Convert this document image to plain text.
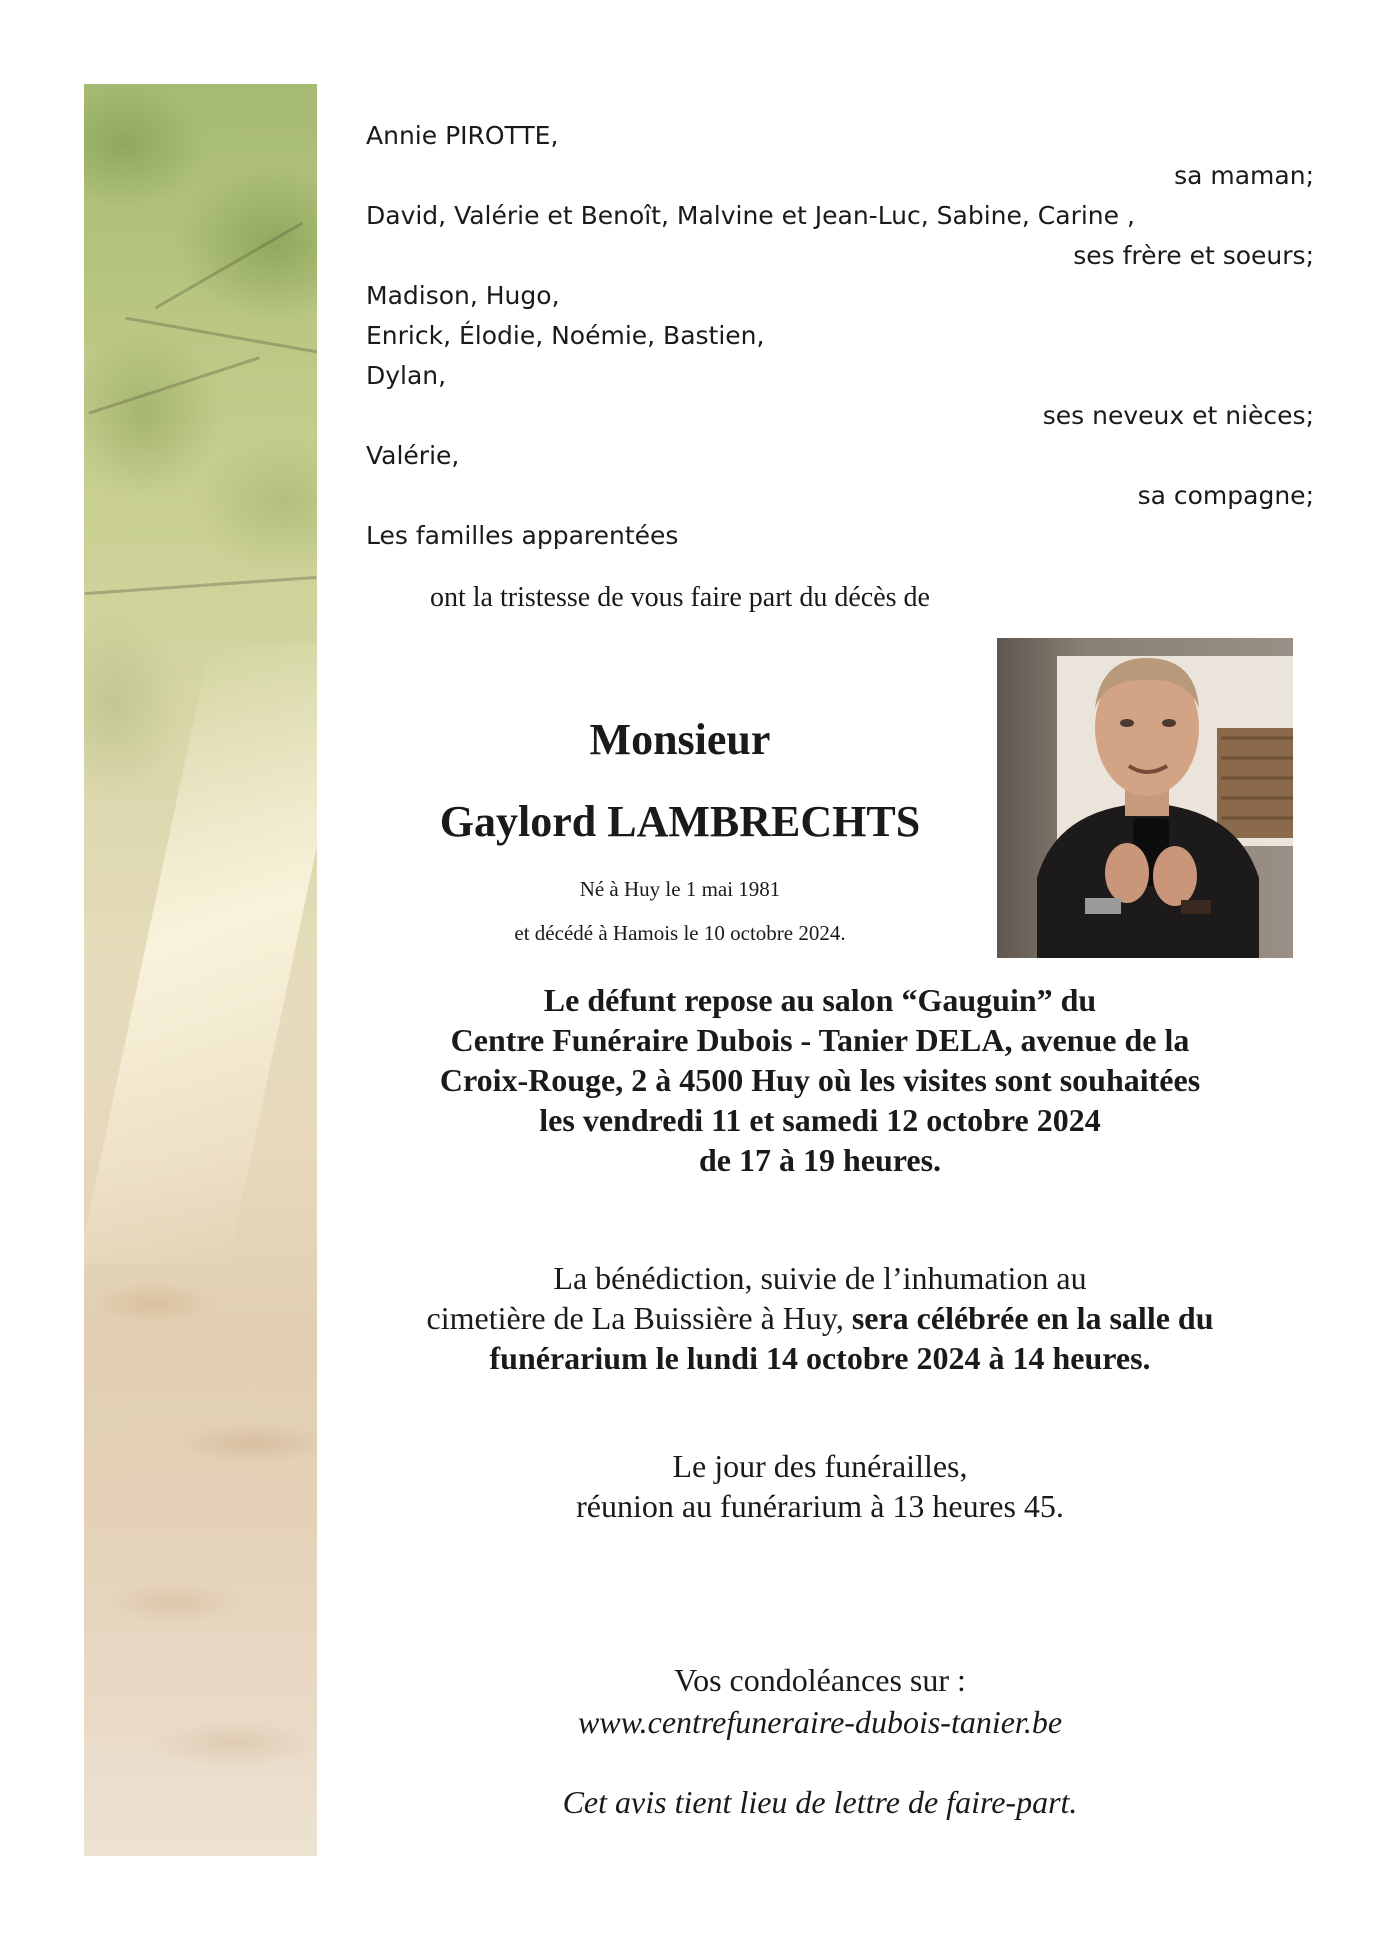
Annie PIROTTE,
sa maman;
David, Valérie et Benoît, Malvine et Jean-Luc, Sabine, Carine ,
ses frère et soeurs;
Madison, Hugo,
Enrick, Élodie, Noémie, Bastien,
Dylan,
ses neveux et nièces;
Valérie,
sa compagne;
Les familles apparentées
ont la tristesse de vous faire part du décès de
Monsieur
Gaylord LAMBRECHTS
Né à Huy le 1 mai 1981
et décédé à Hamois le 10 octobre 2024.
Le défunt repose au salon “Gauguin” du
Centre Funéraire Dubois - Tanier DELA, avenue de la
Croix-Rouge, 2 à 4500 Huy où les visites sont souhaitées
les vendredi 11 et samedi 12 octobre 2024
de 17 à 19 heures.
La bénédiction, suivie de l’inhumation au
cimetière de La Buissière à Huy, sera célébrée en la salle du
funérarium le lundi 14 octobre 2024 à 14 heures.
Le jour des funérailles,
réunion au funérarium à 13 heures 45.
Vos condoléances sur :
www.centrefuneraire-dubois-tanier.be
Cet avis tient lieu de lettre de faire-part.
